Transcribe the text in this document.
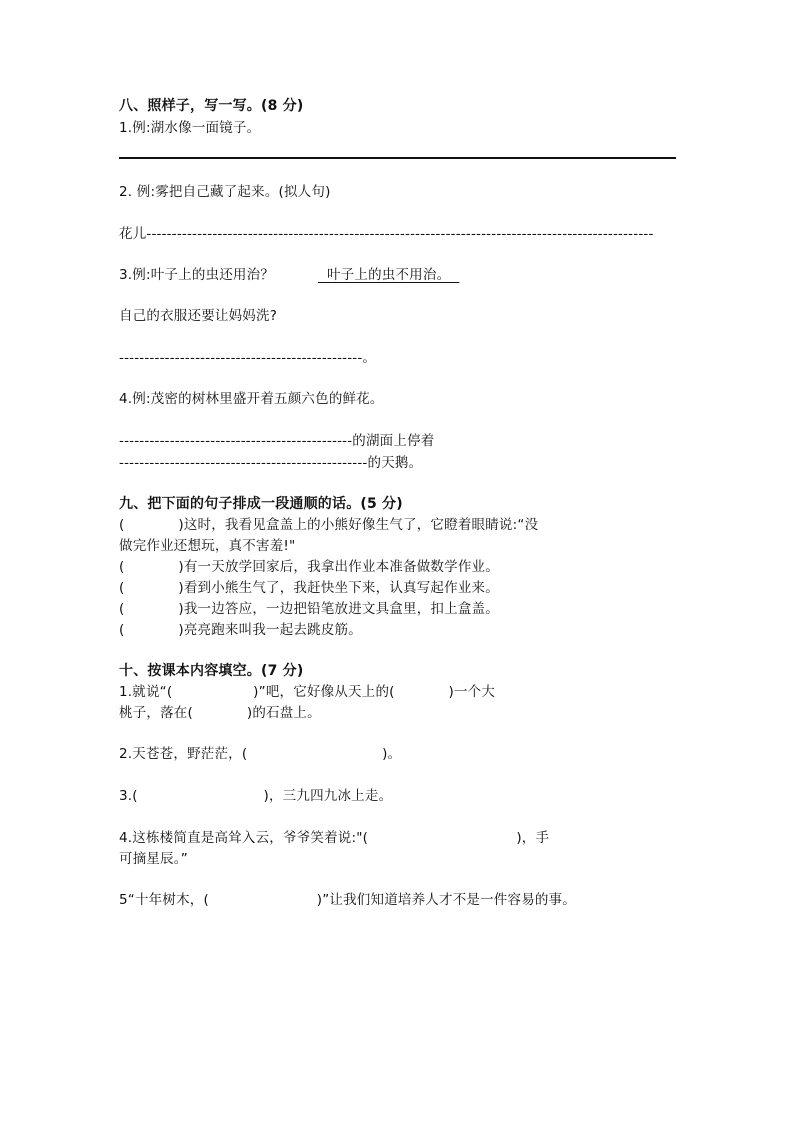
八、照样子，写一写。(8 分)
1.例:湖水像一面镜子。
2. 例:雾把自己藏了起来。(拟人句)
花儿----------------------------------------------------------------------------------------------------
3.例:叶子上的虫还用治？	叶子上的虫不用治。
自己的衣服还要让妈妈洗?
------------------------------------------------。
4.例:茂密的树林里盛开着五颜六色的鲜花。
----------------------------------------------的湖面上停着
-------------------------------------------------的天鹅。
九、把下面的句子排成一段通顺的话。(5 分)
(            )这时，我看见盒盖上的小熊好像生气了，它瞪着眼睛说:“没
做完作业还想玩，真不害羞!"
(            )有一天放学回家后，我拿出作业本准备做数学作业。
(            )看到小熊生气了，我赶快坐下来，认真写起作业来。
(            )我一边答应，一边把铅笔放进文具盒里，扣上盒盖。
(            )亮亮跑来叫我一起去跳皮筋。
十、按课本内容填空。(7 分)
1.就说“(                  )”吧，它好像从天上的(            )一个大
桃子，落在(            )的石盘上。
2.天苍苍，野茫茫，(                              )。
3.(                            )，三九四九冰上走。
4.这栋楼简直是高耸入云，爷爷笑着说:"(                                 )，手
可摘星辰。”
5“十年树木，(                        )”让我们知道培养人才不是一件容易的事。
